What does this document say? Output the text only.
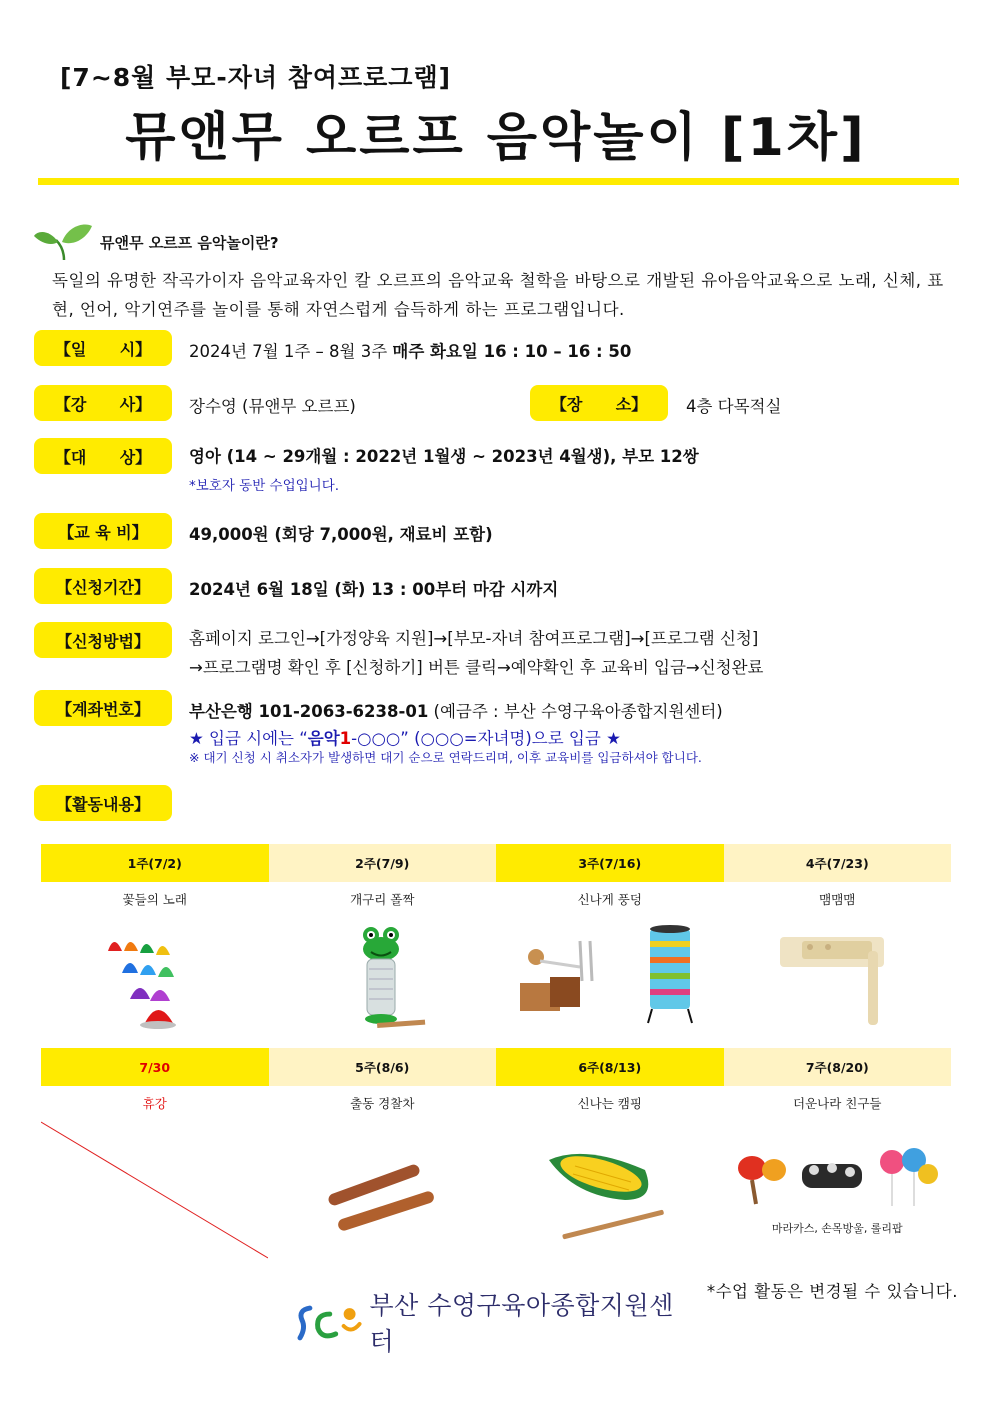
[7~8월 부모-자녀 참여프로그램]
뮤앤무 오르프 음악놀이 [1차]
뮤앤무 오르프 음악놀이란?
독일의 유명한 작곡가이자 음악교육자인 칼 오르프의 음악교육 철학을 바탕으로 개발된 유아음악교육으로 노래, 신체, 표현, 언어, 악기연주를 놀이를 통해 자연스럽게 습득하게 하는 프로그램입니다.
【일      시】	2024년 7월 1주 – 8월 3주 매주 화요일 16 : 10 – 16 : 50
【강      사】	장수영 (뮤앤무 오르프)	【장      소】	4층 다목적실
【대      상】	영아 (14 ~ 29개월 : 2022년 1월생 ~ 2023년 4월생), 부모 12쌍
*보호자 동반 수업입니다.
【교 육 비】	49,000원 (회당 7,000원, 재료비 포함)
【신청기간】	2024년 6월 18일 (화) 13 : 00부터 마감 시까지
【신청방법】	홈페이지 로그인→[가정양육 지원]→[부모-자녀 참여프로그램]→[프로그램 신청]
→프로그램명 확인 후 [신청하기] 버튼 클릭→예약확인 후 교육비 입금→신청완료
【계좌번호】	부산은행 101-2063-6238-01 (예금주 : 부산 수영구육아종합지원센터)
★ 입금 시에는 “음악1-○○○” (○○○=자녀명)으로 입금 ★
※ 대기 신청 시 취소자가 발생하면 대기 순으로 연락드리며, 이후 교육비를 입금하셔야 합니다.
【활동내용】
1주(7/2)	2주(7/9)	3주(7/16)	4주(7/23)
꽃들의 노래	개구리 폴짝	신나게 풍덩	맴맴맴
7/30	5주(8/6)	6주(8/13)	7주(8/20)
휴강	출동 경찰차	신나는 캠핑	더운나라 친구들
마라카스, 손목방울, 롤리팝
*수업 활동은 변경될 수 있습니다.
부산 수영구육아종합지원센터
